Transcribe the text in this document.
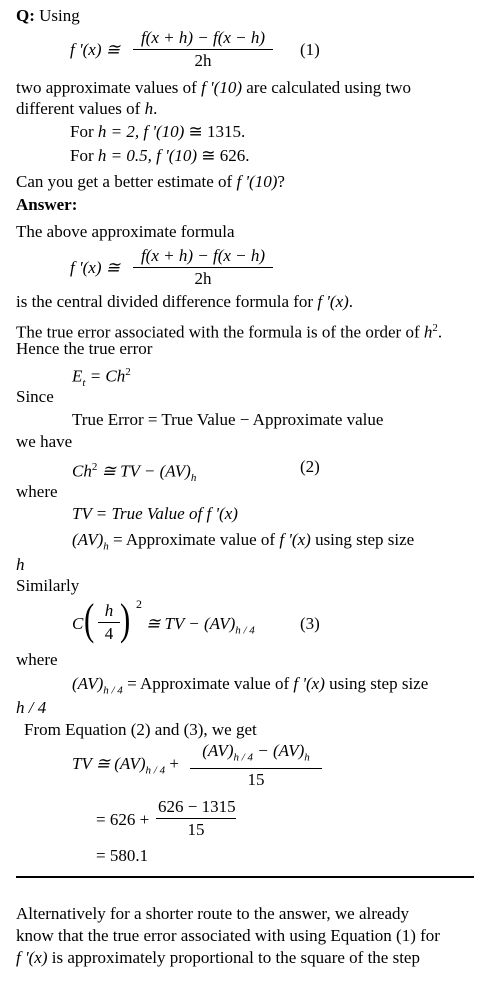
Q: Using
f '(x) ≅
f(x + h) − f(x − h)
2h
(1)
two approximate values of f '(10) are calculated using two
different values of h.
For h = 2, f '(10) ≅ 1315.
For h = 0.5, f '(10) ≅ 626.
Can you get a better estimate of f '(10)?
Answer:
The above approximate formula
f '(x) ≅
f(x + h) − f(x − h)
2h
is the central divided difference formula for f '(x).
The true error associated with the formula is of the order of $h^2$.
Hence the true error
$E_t = Ch^2$
Since
True Error = True Value − Approximate value
we have
Ch$^2$ ≅ TV − $(AV)_h$
(2)
where
TV = True Value of f '(x)
$(AV)_h$ = Approximate value of f '(x) using step size
h
Similarly
C ( h
4 ) 2
≅ TV − $(AV)_{h / 4}$	(3)
where
$(AV)_{h / 4}$ = Approximate value of f '(x) using step size
h / 4
From Equation (2) and (3), we get
TV ≅ $(AV)_{h / 4}$ +
$(AV)_{h / 4} - (AV)_h$
15
= 626 +
626 − 1315
15
= 580.1
Alternatively for a shorter route to the answer, we already
know that the true error associated with using Equation (1) for
f '(x) is approximately proportional to the square of the step
